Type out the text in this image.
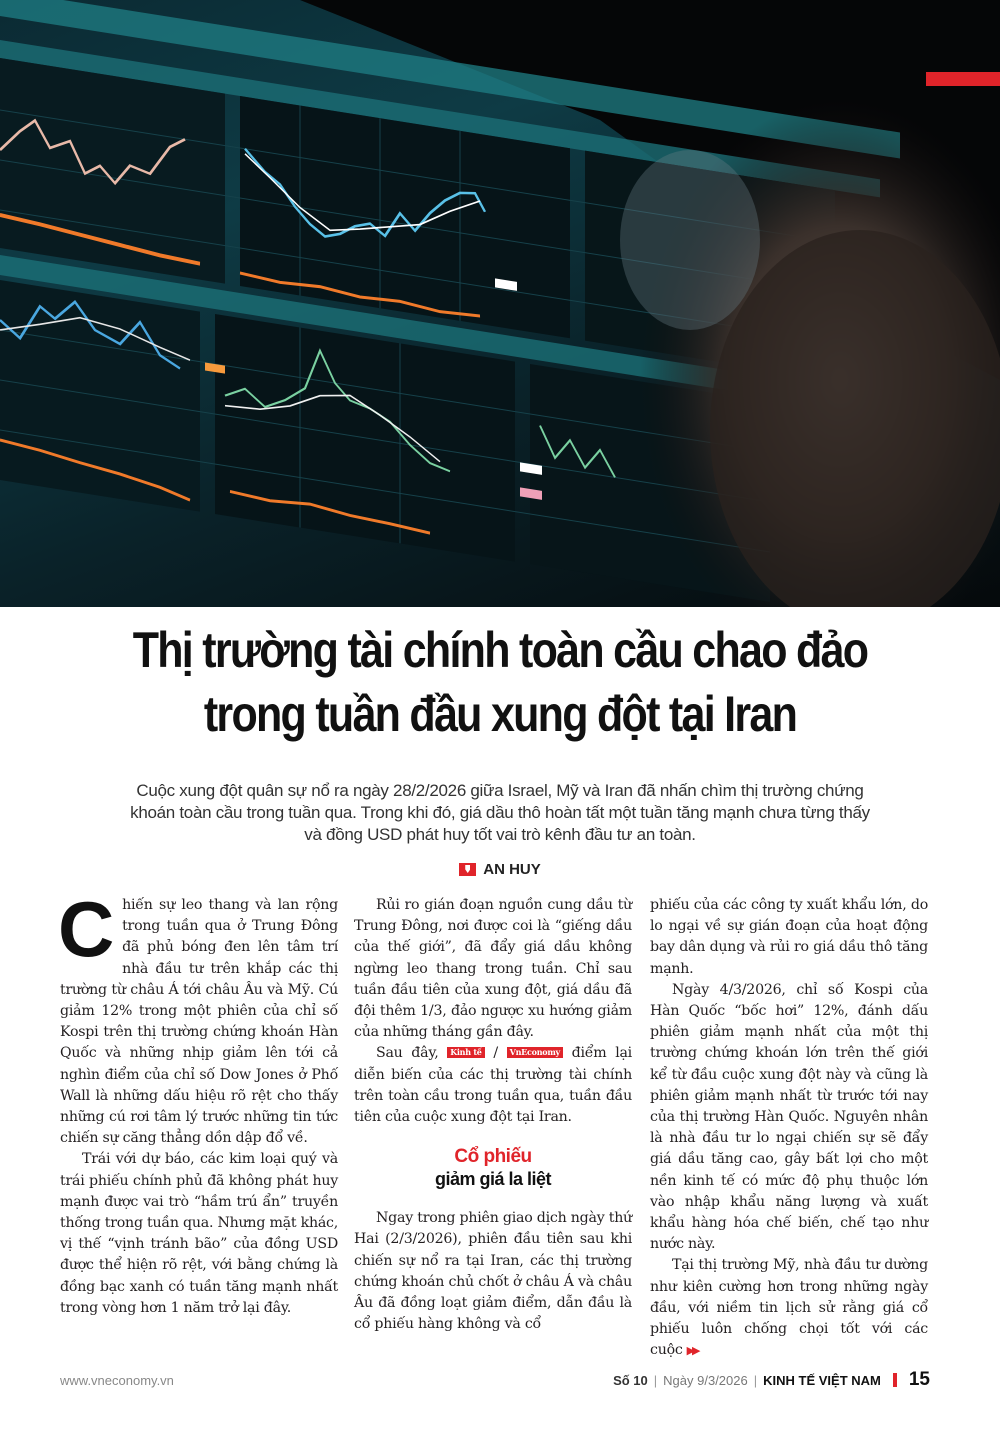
Thị trường tài chính toàn cầu chao đảo
trong tuần đầu xung đột tại Iran
Cuộc xung đột quân sự nổ ra ngày 28/2/2026 giữa Israel, Mỹ và Iran đã nhấn chìm thị trường chứng khoán toàn cầu trong tuần qua. Trong khi đó, giá dầu thô hoàn tất một tuần tăng mạnh chưa từng thấy và đồng USD phát huy tốt vai trò kênh đầu tư an toàn.
AN HUY

Chiến sự leo thang và lan rộng trong tuần qua ở Trung Đông đã phủ bóng đen lên tâm trí nhà đầu tư trên khắp các thị trường từ châu Á tới châu Âu và Mỹ. Cú giảm 12% trong một phiên của chỉ số Kospi trên thị trường chứng khoán Hàn Quốc và những nhịp giảm lên tới cả nghìn điểm của chỉ số Dow Jones ở Phố Wall là những dấu hiệu rõ rệt cho thấy những cú rơi tâm lý trước những tin tức chiến sự căng thẳng dồn dập đổ về.

Trái với dự báo, các kim loại quý và trái phiếu chính phủ đã không phát huy mạnh được vai trò “hầm trú ẩn” truyền thống trong tuần qua. Nhưng mặt khác, vị thế “vịnh tránh bão” của đồng USD được thể hiện rõ rệt, với bằng chứng là đồng bạc xanh có tuần tăng mạnh nhất trong vòng hơn 1 năm trở lại đây.

Rủi ro gián đoạn nguồn cung dầu từ Trung Đông, nơi được coi là “giếng dầu của thế giới”, đã đẩy giá dầu không ngừng leo thang trong tuần. Chỉ sau tuần đầu tiên của xung đột, giá dầu đã đội thêm 1/3, đảo ngược xu hướng giảm của những tháng gần đây.

Sau đây, Kinh tế / VnEconomy điểm lại diễn biến của các thị trường tài chính trên toàn cầu trong tuần qua, tuần đầu tiên của cuộc xung đột tại Iran.

Cổ phiếu
giảm giá la liệt

Ngay trong phiên giao dịch ngày thứ Hai (2/3/2026), phiên đầu tiên sau khi chiến sự nổ ra tại Iran, các thị trường chứng khoán chủ chốt ở châu Á và châu Âu đã đồng loạt giảm điểm, dẫn đầu là cổ phiếu hàng không và cổ

phiếu của các công ty xuất khẩu lớn, do lo ngại về sự gián đoạn của hoạt động bay dân dụng và rủi ro giá dầu thô tăng mạnh.

Ngày 4/3/2026, chỉ số Kospi của Hàn Quốc “bốc hơi” 12%, đánh dấu phiên giảm mạnh nhất của một thị trường chứng khoán lớn trên thế giới kể từ đầu cuộc xung đột này và cũng là phiên giảm mạnh nhất từ trước tới nay của thị trường Hàn Quốc. Nguyên nhân là nhà đầu tư lo ngại chiến sự sẽ đẩy giá dầu tăng cao, gây bất lợi cho một nền kinh tế có mức độ phụ thuộc lớn vào nhập khẩu năng lượng và xuất khẩu hàng hóa chế biến, chế tạo như nước này.

Tại thị trường Mỹ, nhà đầu tư dường như kiên cường hơn trong những ngày đầu, với niềm tin lịch sử rằng giá cổ phiếu luôn chống chọi tốt với các cuộc ▶▶

www.vneconomy.vn	Số 10 | Ngày 9/3/2026 | KINH TẾ VIỆT NAM 15
